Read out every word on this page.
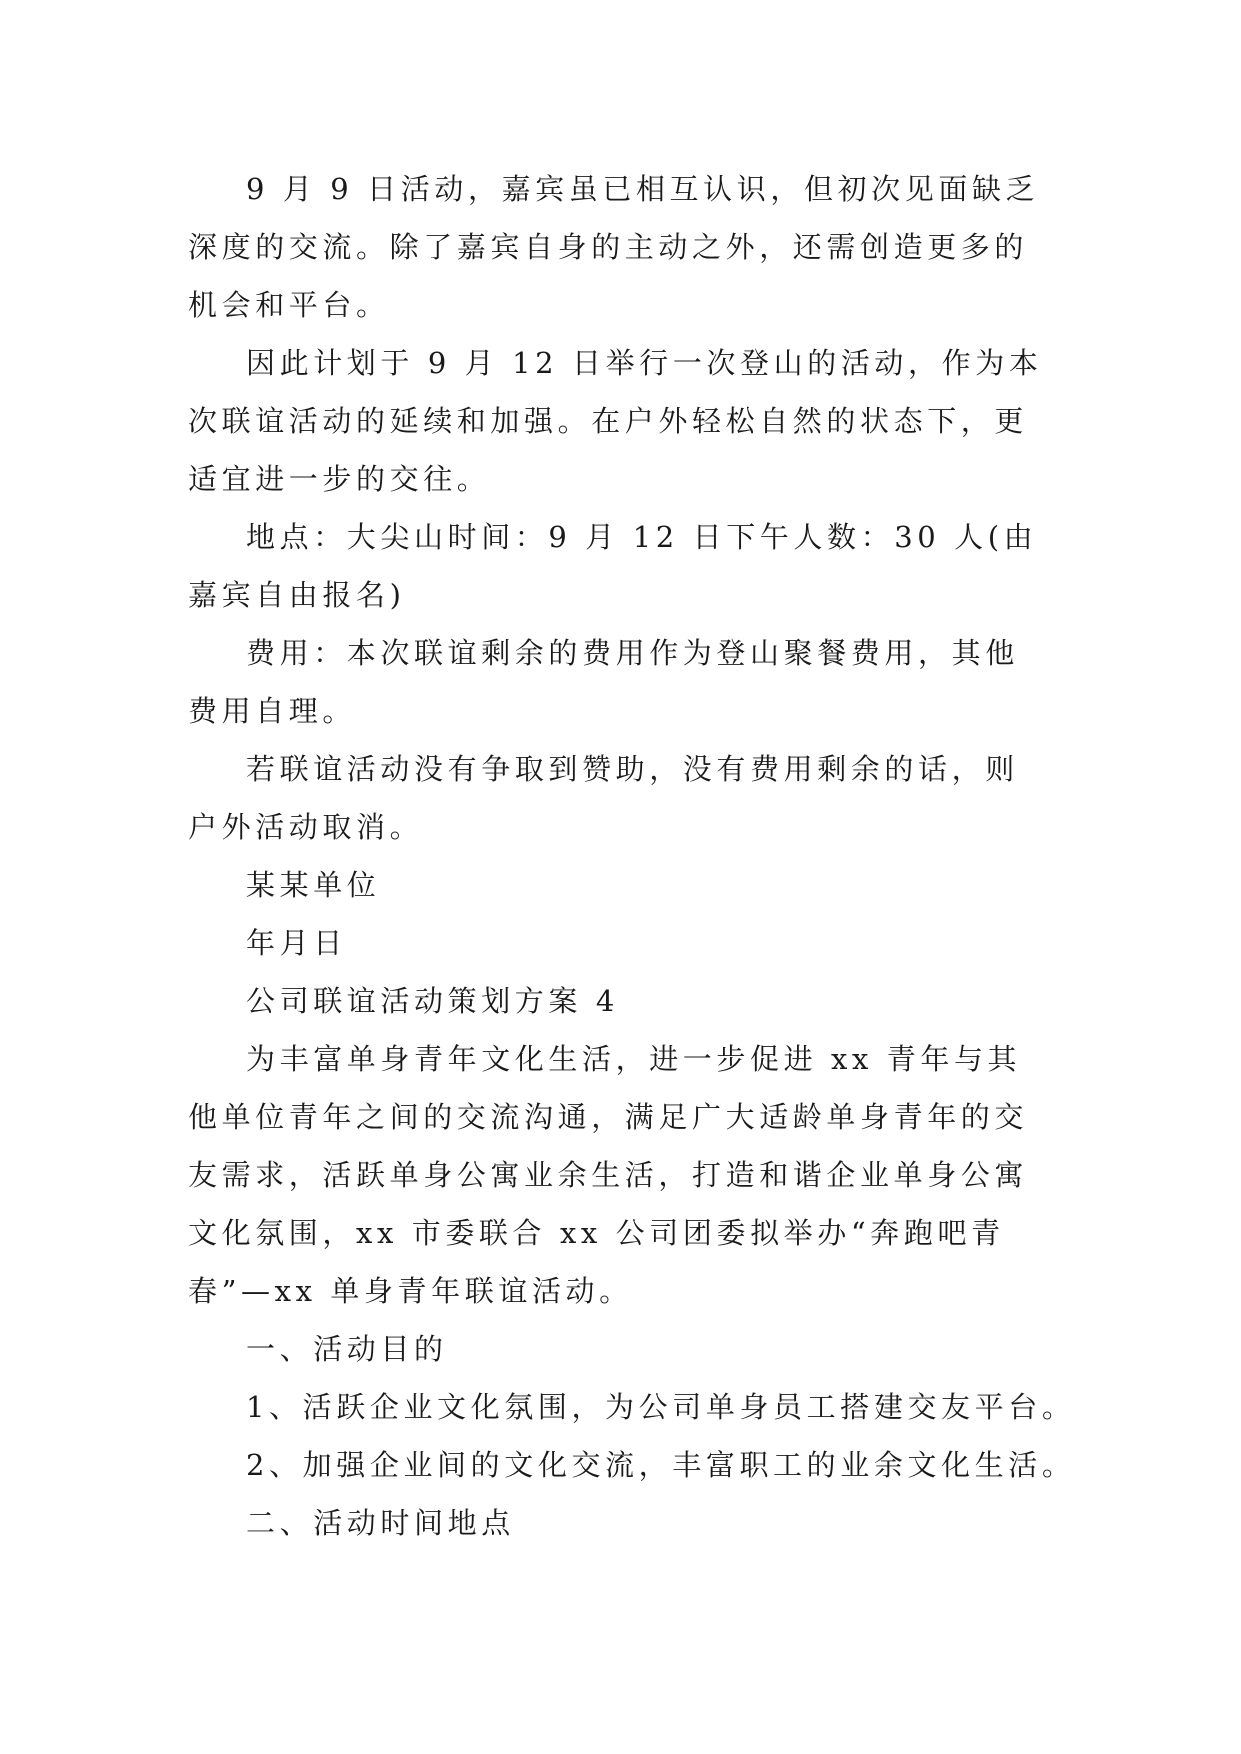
9 月 9 日活动，嘉宾虽已相互认识，但初次见面缺乏深度的交流。除了嘉宾自身的主动之外，还需创造更多的机会和平台。

因此计划于 9 月 12 日举行一次登山的活动，作为本次联谊活动的延续和加强。在户外轻松自然的状态下，更适宜进一步的交往。

地点：大尖山时间：9 月 12 日下午人数：30 人(由嘉宾自由报名)

费用：本次联谊剩余的费用作为登山聚餐费用，其他费用自理。

若联谊活动没有争取到赞助，没有费用剩余的话，则户外活动取消。

某某单位

年月日

公司联谊活动策划方案 4

为丰富单身青年文化生活，进一步促进 xx 青年与其他单位青年之间的交流沟通，满足广大适龄单身青年的交友需求，活跃单身公寓业余生活，打造和谐企业单身公寓文化氛围，xx 市委联合 xx 公司团委拟举办“奔跑吧青春”—xx 单身青年联谊活动。

一、活动目的

1、活跃企业文化氛围，为公司单身员工搭建交友平台。

2、加强企业间的文化交流，丰富职工的业余文化生活。

二、活动时间地点
